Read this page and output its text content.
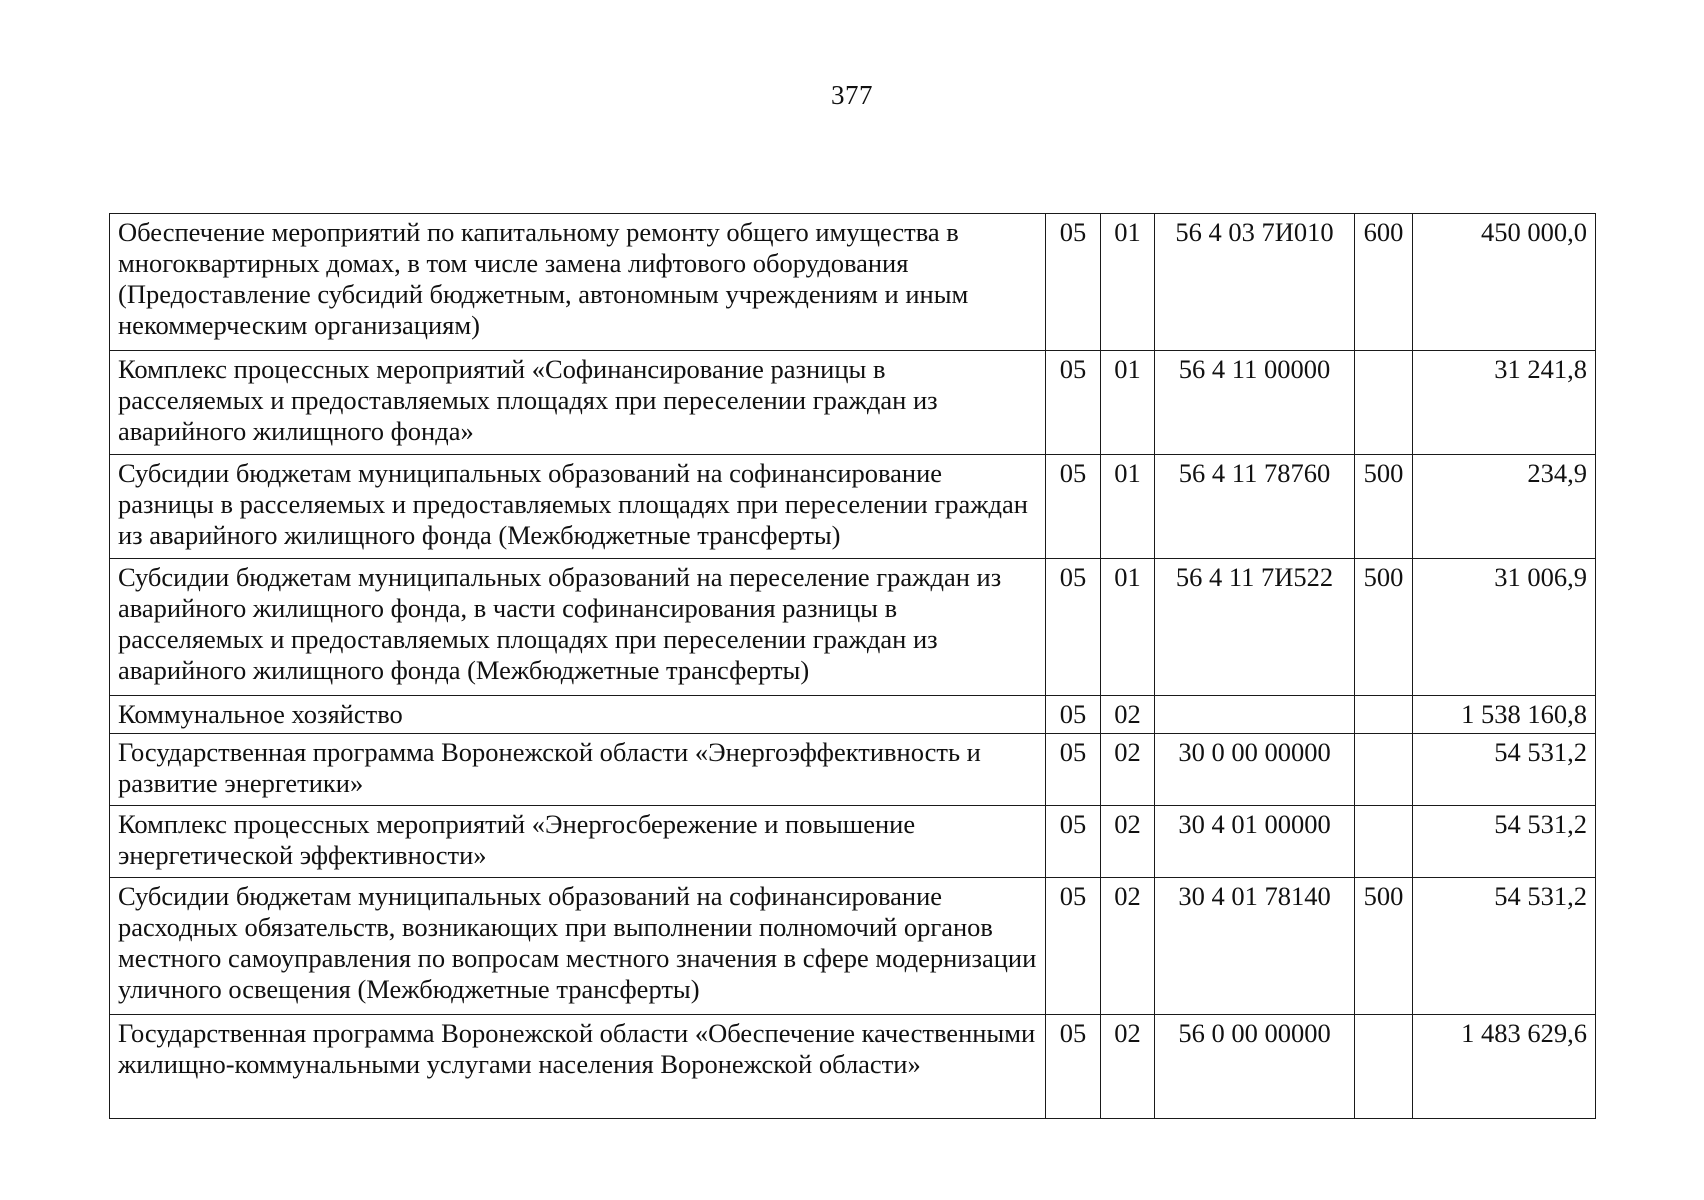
377
Обеспечение мероприятий по капитальному ремонту общего имущества в многоквартирных домах, в том числе замена лифтового оборудования (Предоставление субсидий бюджетным, автономным учреждениям и иным некоммерческим организациям)	05	01	56 4 03 7И010	600	450 000,0
Комплекс процессных мероприятий «Софинансирование разницы в расселяемых и предоставляемых площадях при переселении граждан из аварийного жилищного фонда»	05	01	56 4 11 00000		31 241,8
Субсидии бюджетам муниципальных образований на софинансирование разницы в расселяемых и предоставляемых площадях при переселении граждан из аварийного жилищного фонда (Межбюджетные трансферты)	05	01	56 4 11 78760	500	234,9
Субсидии бюджетам муниципальных образований на переселение граждан из аварийного жилищного фонда, в части софинансирования разницы в расселяемых и предоставляемых площадях при переселении граждан из аварийного жилищного фонда (Межбюджетные трансферты)	05	01	56 4 11 7И522	500	31 006,9
Коммунальное хозяйство	05	02			1 538 160,8
Государственная программа Воронежской области «Энергоэффективность и развитие энергетики»	05	02	30 0 00 00000		54 531,2
Комплекс процессных мероприятий «Энергосбережение и повышение энергетической эффективности»	05	02	30 4 01 00000		54 531,2
Субсидии бюджетам муниципальных образований на софинансирование расходных обязательств, возникающих при выполнении полномочий органов местного самоуправления по вопросам местного значения в сфере модернизации уличного освещения (Межбюджетные трансферты)	05	02	30 4 01 78140	500	54 531,2
Государственная программа Воронежской области «Обеспечение качественными жилищно-коммунальными услугами населения Воронежской области»	05	02	56 0 00 00000		1 483 629,6
